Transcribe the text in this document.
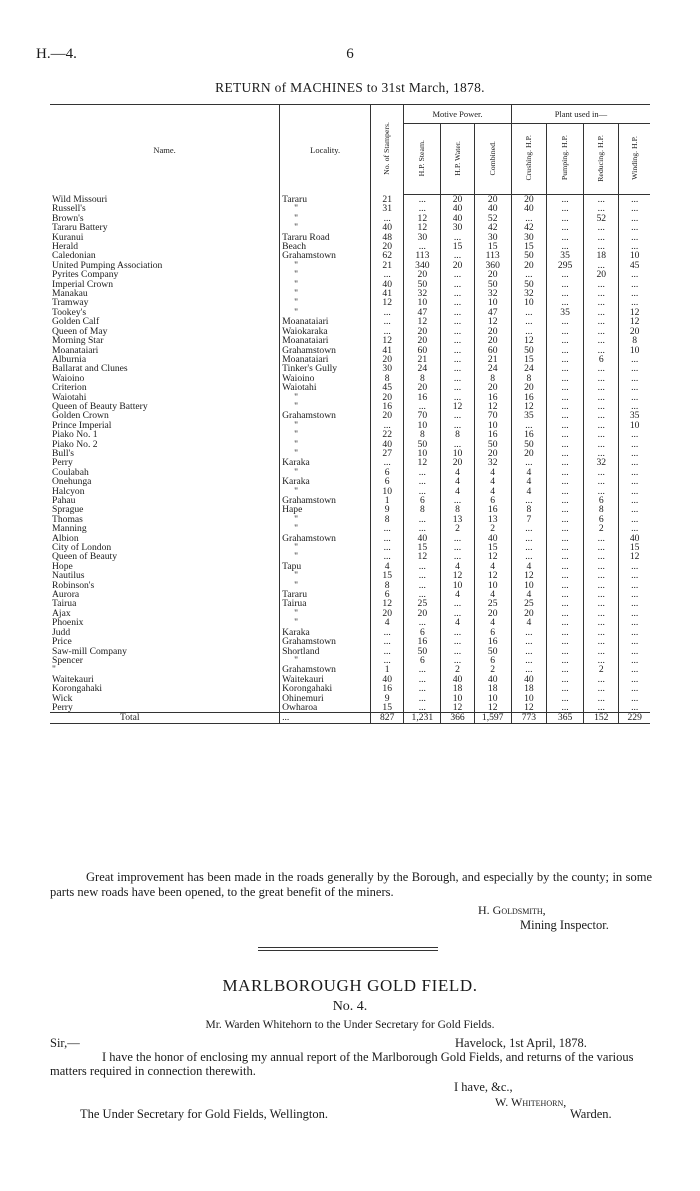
H.—4.	6
RETURN of MACHINES to 31st March, 1878.
Name.	Locality.	No. of Stampers.	Motive Power.			Plant used in—			
			H.P. Steam.	H.P. Water.	Combined.	Crushing. H.P.	Pumping. H.P.	Reducing. H.P.	Winding. H.P.
Wild Missouri	Tararu	21	...	20	20	20	...	...	...
Russell's	"	31	...	40	40	40	...	...	...
Brown's	"	...	12	40	52	...	...	52	...
Tararu Battery	"	40	12	30	42	42	...	...	...
Kuranui	Tararu Road	48	30	...	30	30	...	...	...
Herald	Beach	20	...	15	15	15	...	...	...
Caledonian	Grahamstown	62	113	...	113	50	35	18	10
United Pumping Association	"	21	340	20	360	20	295	...	45
Pyrites Company	"	...	20	...	20	...	...	20	...
Imperial Crown	"	40	50	...	50	50	...	...	...
Manakau	"	41	32	...	32	32	...	...	...
Tramway	"	12	10	...	10	10	...	...	...
Tookey's	"	...	47	...	47	...	35	...	12
Golden Calf	Moanataiari	...	12	...	12	...	...	...	12
Queen of May	Waiokaraka	...	20	...	20	...	...	...	20
Morning Star	Moanataiari	12	20	...	20	12	...	...	8
Moanataiari	Grahamstown	41	60	...	60	50	...	...	10
Alburnia	Moanataiari	20	21	...	21	15	...	6	...
Ballarat and Clunes	Tinker's Gully	30	24	...	24	24	...	...	...
Waioino	Waioino	8	8	...	8	8	...	...	...
Criterion	Waiotahi	45	20	...	20	20	...	...	...
Waiotahi	"	20	16	...	16	16	...	...	...
Queen of Beauty Battery	"	16	...	12	12	12	...	...	...
Golden Crown	Grahamstown	20	70	...	70	35	...	...	35
Prince Imperial	"	...	10	...	10	...	...	...	10
Piako No. 1	"	22	8	8	16	16	...	...	...
Piako No. 2	"	40	50	...	50	50	...	...	...
Bull's	"	27	10	10	20	20	...	...	...
Perry	Karaka	...	12	20	32	...	...	32	...
Coulabah	"	6	...	4	4	4	...	...	...
Onehunga	Karaka	6	...	4	4	4	...	...	...
Halcyon	"	10	...	4	4	4	...	...	...
Pahau	Grahamstown	1	6	...	6	...	...	6	...
Sprague	Hape	9	8	8	16	8	...	8	...
Thomas	"	8	...	13	13	7	...	6	...
Manning	"	...	...	2	2	...	...	2	...
Albion	Grahamstown	...	40	...	40	...	...	...	40
City of London	"	...	15	...	15	...	...	...	15
Queen of Beauty	"	...	12	...	12	...	...	...	12
Hope	Tapu	4	...	4	4	4	...	...	...
Nautilus	"	15	...	12	12	12	...	...	...
Robinson's	"	8	...	10	10	10	...	...	...
Aurora	Tararu	6	...	4	4	4	...	...	...
Tairua	Tairua	12	25	...	25	25	...	...	...
Ajax	"	20	20	...	20	20	...	...	...
Phoenix	"	4	...	4	4	4	...	...	...
Judd	Karaka	...	6	...	6	...	...	...	...
Price	Grahamstown	...	16	...	16	...	...	...	...
Saw-mill Company	Shortland	...	50	...	50	...	...	...	...
Spencer	"	...	6	...	6	...	...	...	...
"	Grahamstown	1	...	2	2	...	...	2	...
Waitekauri	Waitekauri	40	...	40	40	40	...	...	...
Korongahaki	Korongahaki	16	...	18	18	18	...	...	...
Wick	Ohinemuri	9	...	10	10	10	...	...	...
Perry	Owharoa	15	...	12	12	12	...	...	...
Total	...	827	1,231	366	1,597	773	365	152	229
Great improvement has been made in the roads generally by the Borough, and especially by the county; in some parts new roads have been opened, to the great benefit of the miners.
H. Goldsmith,
Mining Inspector.
MARLBOROUGH GOLD FIELD.
No. 4.
Mr. Warden Whitehorn to the Under Secretary for Gold Fields.
Sir,—	Havelock, 1st April, 1878.
I have the honor of enclosing my annual report of the Marlborough Gold Fields, and returns of the various matters required in connection therewith.
I have, &c.,
W. Whitehorn,
The Under Secretary for Gold Fields, Wellington.	Warden.
